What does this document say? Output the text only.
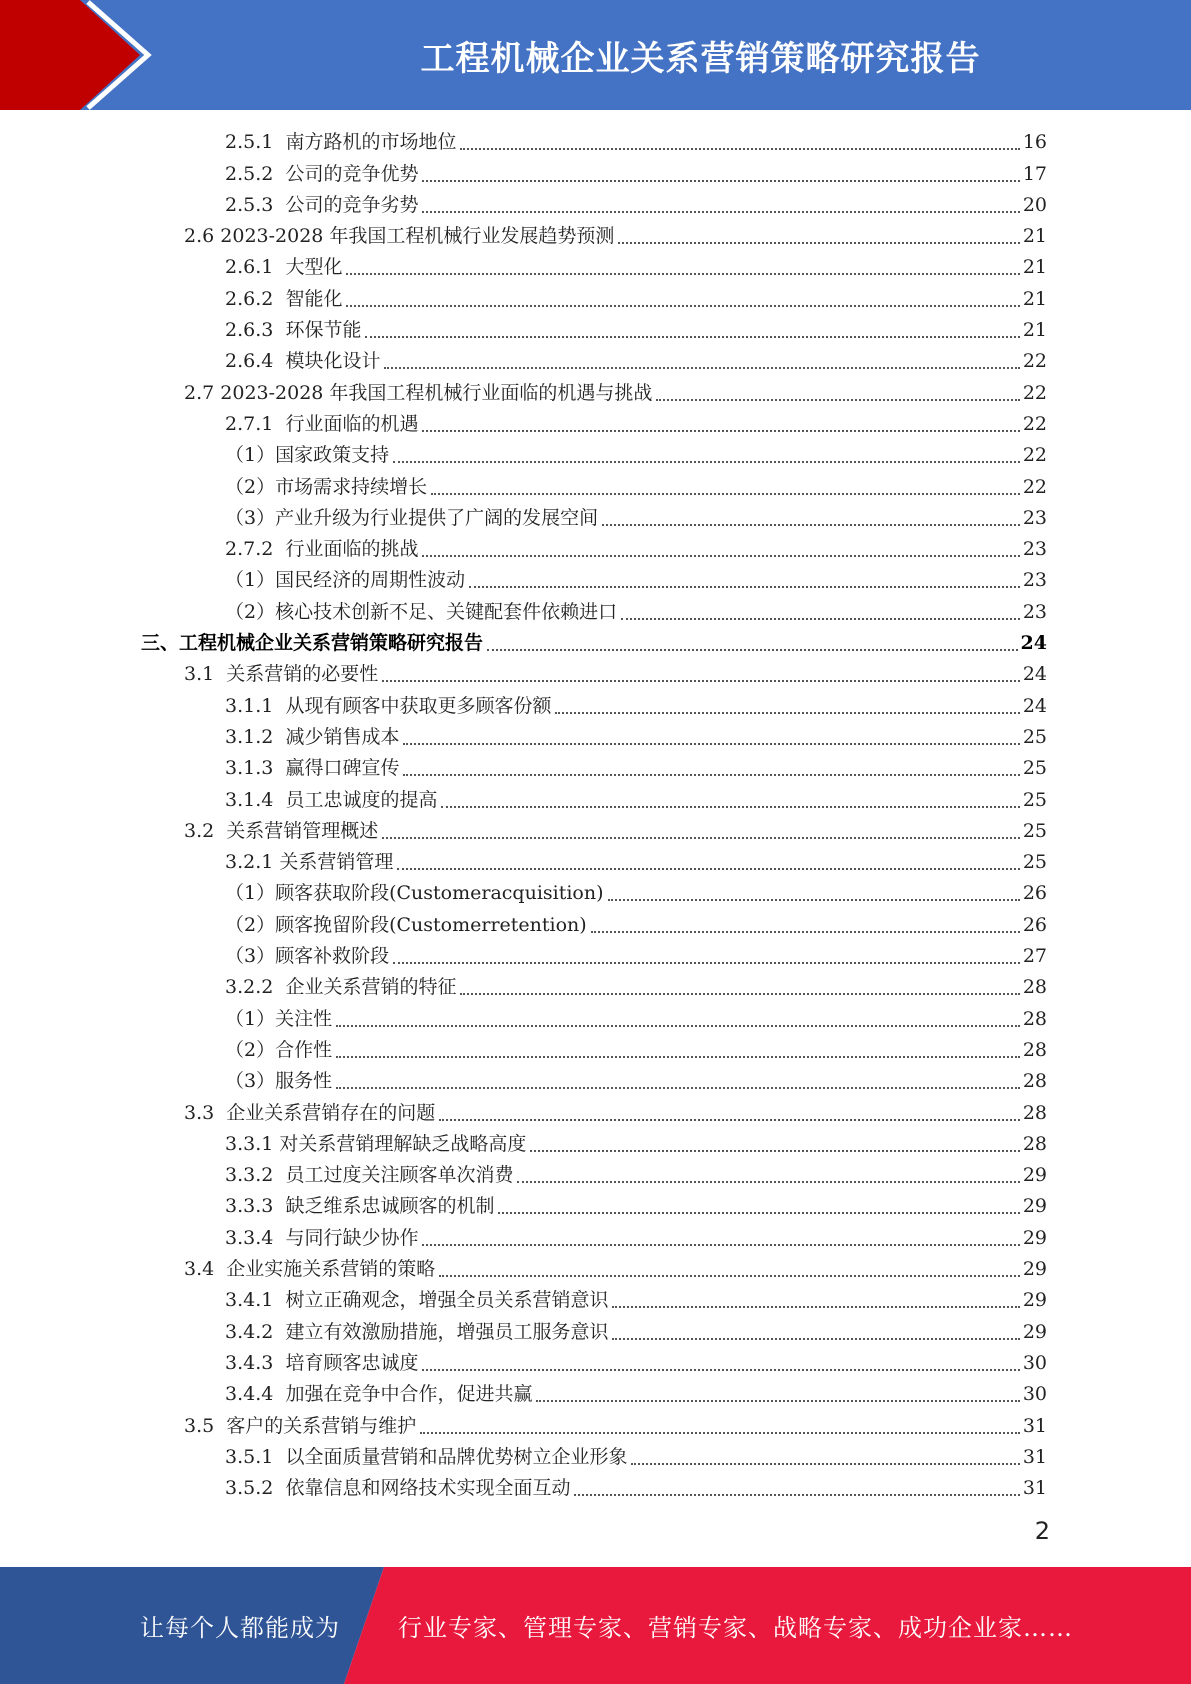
工程机械企业关系营销策略研究报告
2.5.1 南方路机的市场地位	16
2.5.2 公司的竞争优势	17
2.5.3 公司的竞争劣势	20
2.6 2023-2028 年我国工程机械行业发展趋势预测	21
2.6.1 大型化	21
2.6.2 智能化	21
2.6.3 环保节能	21
2.6.4 模块化设计	22
2.7 2023-2028 年我国工程机械行业面临的机遇与挑战	22
2.7.1 行业面临的机遇	22
（1） 国家政策支持	22
（2） 市场需求持续增长	22
（3） 产业升级为行业提供了广阔的发展空间	23
2.7.2 行业面临的挑战	23
（1） 国民经济的周期性波动	23
（2） 核心技术创新不足、关键配套件依赖进口	23
三、 工程机械企业关系营销策略研究报告	24
3.1 关系营销的必要性	24
3.1.1 从现有顾客中获取更多顾客份额	24
3.1.2 减少销售成本	25
3.1.3 赢得口碑宣传	25
3.1.4 员工忠诚度的提高	25
3.2 关系营销管理概述	25
3.2.1 关系营销管理	25
（1） 顾客获取阶段(Customeracquisition)	26
（2） 顾客挽留阶段(Customerretention)	26
（3） 顾客补救阶段	27
3.2.2 企业关系营销的特征	28
（1） 关注性	28
（2） 合作性	28
（3） 服务性	28
3.3 企业关系营销存在的问题	28
3.3.1 对关系营销理解缺乏战略高度	28
3.3.2 员工过度关注顾客单次消费	29
3.3.3 缺乏维系忠诚顾客的机制	29
3.3.4 与同行缺少协作	29
3.4 企业实施关系营销的策略	29
3.4.1 树立正确观念，增强全员关系营销意识	29
3.4.2 建立有效激励措施，增强员工服务意识	29
3.4.3 培育顾客忠诚度	30
3.4.4 加强在竞争中合作，促进共赢	30
3.5 客户的关系营销与维护	31
3.5.1 以全面质量营销和品牌优势树立企业形象	31
3.5.2 依靠信息和网络技术实现全面互动	31
2
让每个人都能成为 行业专家、管理专家、营销专家、战略专家、成功企业家……
